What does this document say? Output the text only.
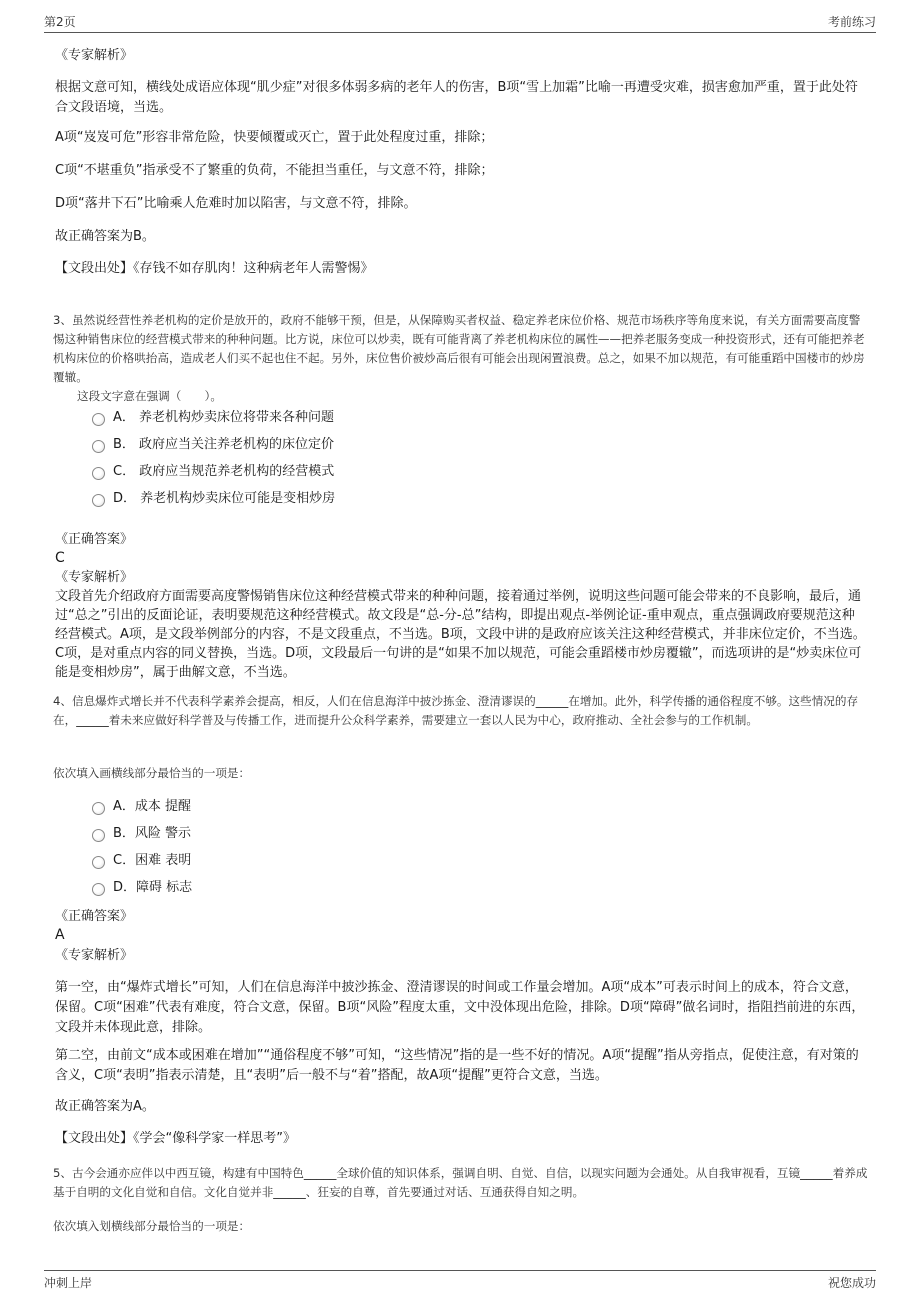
第2页	考前练习

《专家解析》

根据文意可知，横线处成语应体现“肌少症”对很多体弱多病的老年人的伤害，B项“雪上加霜”比喻一再遭受灾难，损害愈加严重，置于此处符合文段语境，当选。

A项“岌岌可危”形容非常危险，快要倾覆或灭亡，置于此处程度过重，排除；

C项“不堪重负”指承受不了繁重的负荷，不能担当重任，与文意不符，排除；

D项“落井下石”比喻乘人危难时加以陷害，与文意不符，排除。

故正确答案为B。

【文段出处】《存钱不如存肌肉！这种病老年人需警惕》

3、虽然说经营性养老机构的定价是放开的，政府不能够干预，但是，从保障购买者权益、稳定养老床位价格、规范市场秩序等角度来说，有关方面需要高度警惕这种销售床位的经营模式带来的种种问题。比方说，床位可以炒卖，既有可能背离了养老机构床位的属性——把养老服务变成一种投资形式，还有可能把养老机构床位的价格哄抬高，造成老人们买不起也住不起。另外，床位售价被炒高后很有可能会出现闲置浪费。总之，如果不加以规范，有可能重蹈中国楼市的炒房覆辙。

这段文字意在强调（　　）。

A． 养老机构炒卖床位将带来各种问题
B． 政府应当关注养老机构的床位定价
C． 政府应当规范养老机构的经营模式
D． 养老机构炒卖床位可能是变相炒房

《正确答案》

C

《专家解析》

文段首先介绍政府方面需要高度警惕销售床位这种经营模式带来的种种问题，接着通过举例，说明这些问题可能会带来的不良影响，最后，通过“总之”引出的反面论证，表明要规范这种经营模式。故文段是“总-分-总”结构，即提出观点-举例论证-重申观点，重点强调政府要规范这种经营模式。A项，是文段举例部分的内容，不是文段重点，不当选。B项，文段中讲的是政府应该关注这种经营模式，并非床位定价，不当选。C项，是对重点内容的同义替换，当选。D项，文段最后一句讲的是“如果不加以规范，可能会重蹈楼市炒房覆辙”，而选项讲的是“炒卖床位可能是变相炒房”，属于曲解文意，不当选。

4、信息爆炸式增长并不代表科学素养会提高，相反，人们在信息海洋中披沙拣金、澄清谬误的_____在增加。此外，科学传播的通俗程度不够。这些情况的存在，_____着未来应做好科学普及与传播工作，进而提升公众科学素养，需要建立一套以人民为中心，政府推动、全社会参与的工作机制。

依次填入画横线部分最恰当的一项是：

A．成本 提醒
B．风险 警示
C．困难 表明
D．障碍 标志

《正确答案》

A

《专家解析》

第一空，由“爆炸式增长”可知，人们在信息海洋中披沙拣金、澄清谬误的时间或工作量会增加。A项“成本”可表示时间上的成本，符合文意，保留。C项“困难”代表有难度，符合文意，保留。B项“风险”程度太重，文中没体现出危险，排除。D项“障碍”做名词时，指阻挡前进的东西，文段并未体现此意，排除。

第二空，由前文“成本或困难在增加”“通俗程度不够”可知，“这些情况”指的是一些不好的情况。A项“提醒”指从旁指点，促使注意，有对策的含义，C项“表明”指表示清楚，且“表明”后一般不与“着”搭配，故A项“提醒”更符合文意，当选。

故正确答案为A。

【文段出处】《学会“像科学家一样思考”》

5、古今会通亦应伴以中西互镜，构建有中国特色_____全球价值的知识体系，强调自明、自觉、自信，以现实问题为会通处。从自我审视看，互镜_____着养成基于自明的文化自觉和自信。文化自觉并非_____、狂妄的自尊，首先要通过对话、互通获得自知之明。

依次填入划横线部分最恰当的一项是：

冲刺上岸	祝您成功
